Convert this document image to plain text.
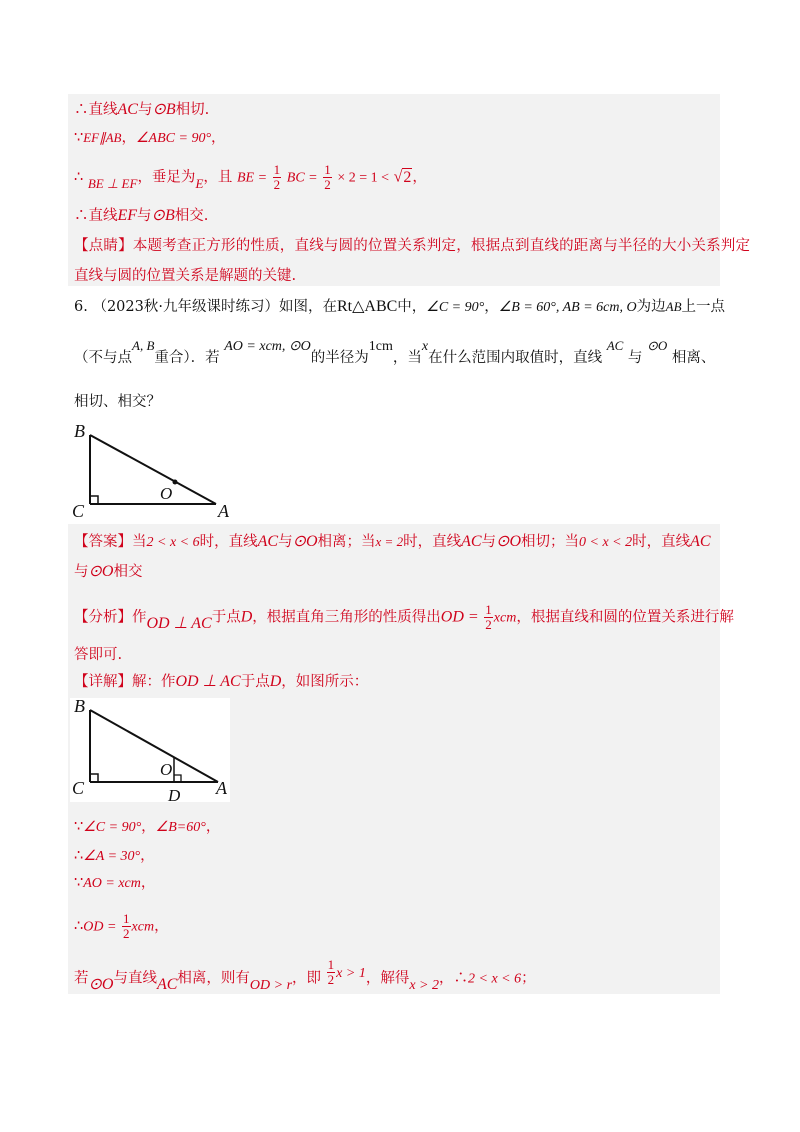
∴直线AC与⊙B相切.
∵EF∥AB，∠ABC = 90°，
∴ BE ⊥ EF，垂足为E，且 BE = $\frac{1}{2}$ BC = $\frac{1}{2} \times 2 = 1 < √2$，
∴直线EF与⊙B相交.
【点睛】本题考查正方形的性质，直线与圆的位置关系判定，根据点到直线的距离与半径的大小关系判定
直线与圆的位置关系是解题的关键.
6. （2023秋·九年级课时练习）如图，在Rt△ABC中，∠C = 90°，∠B = 60°, AB = 6cm, O为边AB上一点
（不与点A, B重合）．若 AO = xcm, ⊙O的半径为1cm，当x在什么范围内取值时，直线 AC 与 ⊙O 相离、
相切、相交？
B
C	A
O
【答案】当2 < x < 6时，直线AC与⊙O相离；当x = 2时，直线AC与⊙O相切；当0 < x < 2时，直线AC
与⊙O相交
【分析】作OD ⊥ AC于点D，根据直角三角形的性质得出OD = $\frac{1}{2}$ xcm，根据直线和圆的位置关系进行解
答即可.
【详解】解：作OD ⊥ AC于点D，如图所示：
B
C	A
O
D
∵∠C = 90°，∠B=60°，
∴∠A = 30°，
∵AO = xcm，
∴OD = $\frac{1}{2}$ xcm，
若⊙O与直线AC相离，则有OD > r，即 $\frac{1}{2}$ x > 1，解得x > 2，∴2 < x < 6；
